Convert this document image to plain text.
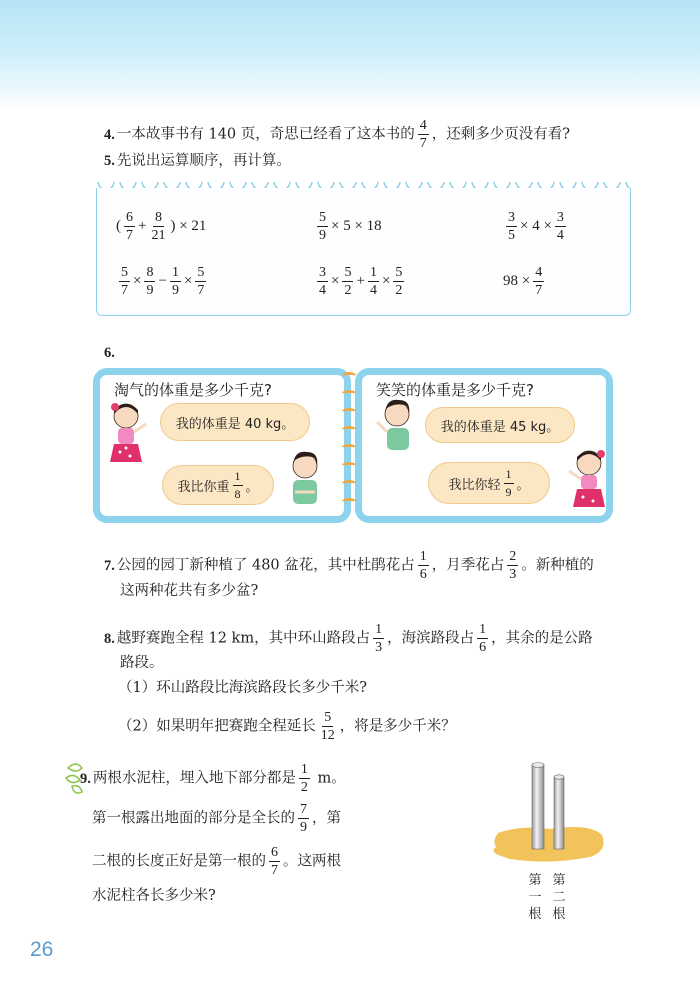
4. 一本故事书有 140 页，奇思已经看了这本书的 $\frac{4}{7}$ ，还剩多少页没有看?
5. 先说出运算顺序，再计算。
( $\frac{6}{7} + \frac{8}{21}$ ) × 21	$\frac{5}{9} \times 5 \times 18$	$\frac{3}{5} \times 4 \times \frac{3}{4}$
$\frac{5}{7} \times \frac{8}{9} - \frac{1}{9} \times \frac{5}{7}$	$\frac{3}{4} \times \frac{5}{2} + \frac{1}{4} \times \frac{5}{2}$	$98 \times \frac{4}{7}$
6.
淘气的体重是多少千克?	笑笑的体重是多少千克?
我的体重是 40 kg。
我比你重 $\frac{1}{8}$ 。
我的体重是 45 kg。
我比你轻 $\frac{1}{9}$ 。
7. 公园的园丁新种植了 480 盆花，其中杜鹃花占 $\frac{1}{6}$ ，月季花占 $\frac{2}{3}$ 。新种植的
这两种花共有多少盆?
8. 越野赛跑全程 12 km，其中环山路段占 $\frac{1}{3}$ ，海滨路段占 $\frac{1}{6}$ ，其余的是公路
路段。
（1）环山路段比海滨路段长多少千米?
（2）如果明年把赛跑全程延长 $\frac{5}{12}$ ，将是多少千米？
9. 两根水泥柱，埋入地下部分都是 $\frac{1}{2}$ m。
第一根露出地面的部分是全长的 $\frac{7}{9}$ ，第
二根的长度正好是第一根的 $\frac{6}{7}$ 。这两根
水泥柱各长多少米?
第一根
第二根
26
